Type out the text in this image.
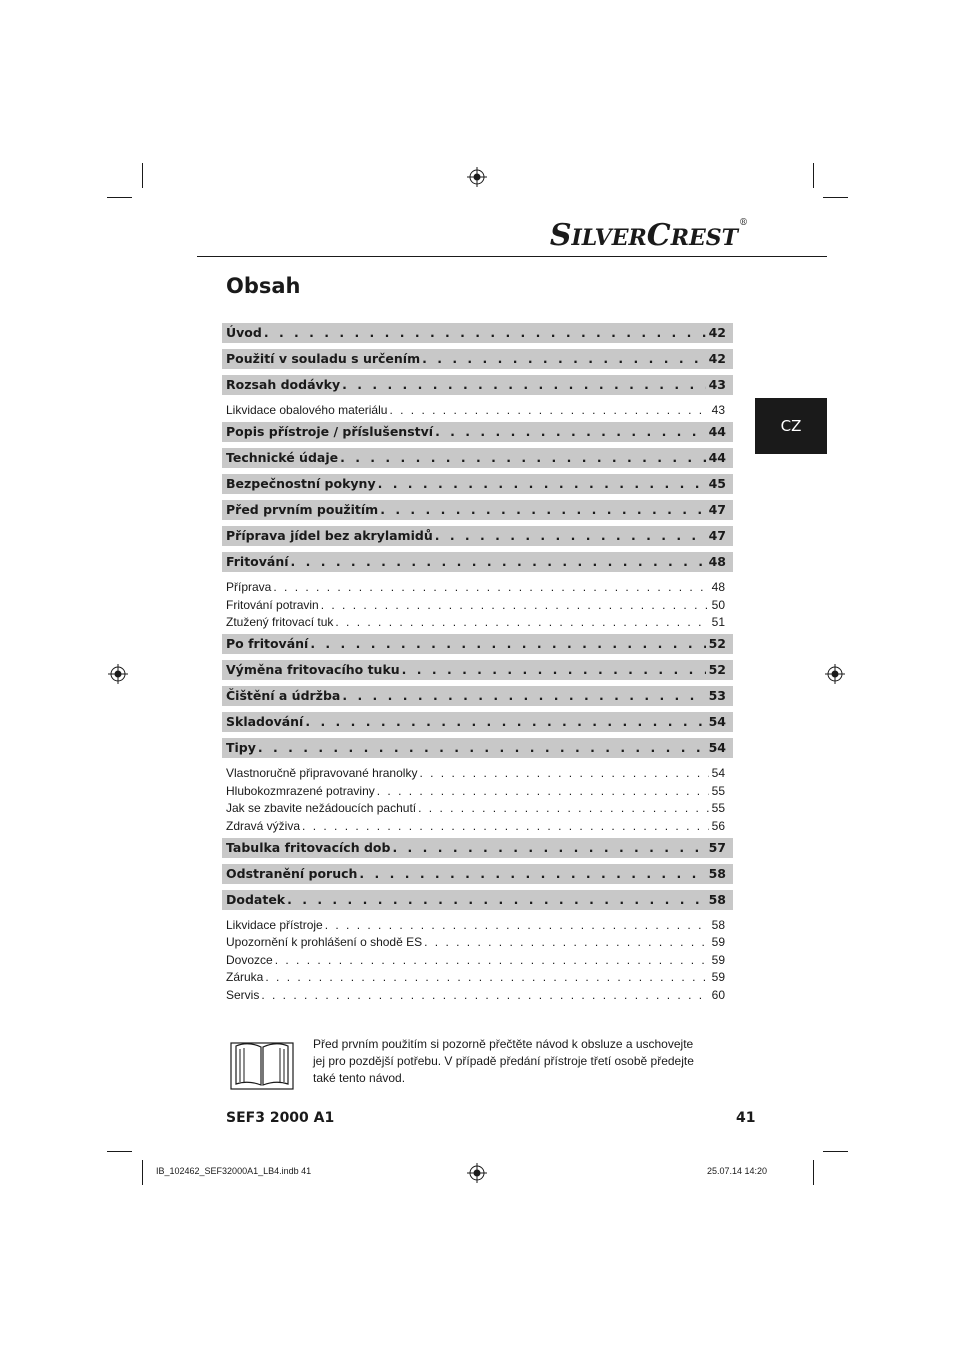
SILVERCREST®
Obsah
CZ
Úvod . . .	42
Použití v souladu s určením . . .	42
Rozsah dodávky . . .	43
Likvidace obalového materiálu . . .	43
Popis přístroje / příslušenství . . .	44
Technické údaje . . .	44
Bezpečnostní pokyny . . .	45
Před prvním použitím . . .	47
Příprava jídel bez akrylamidů . . .	47
Fritování . . .	48
Příprava . . .	48
Fritování potravin . . .	50
Ztužený fritovací tuk . . .	51
Po fritování . . .	52
Výměna fritovacího tuku . . .	52
Čištění a údržba . . .	53
Skladování . . .	54
Tipy . . .	54
Vlastnoručně připravované hranolky . . .	54
Hlubokozmrazené potraviny . . .	55
Jak se zbavite nežádoucích pachutí . . .	55
Zdravá výživa . . .	56
Tabulka fritovacích dob . . .	57
Odstranění poruch . . .	58
Dodatek . . .	58
Likvidace přístroje . . .	58
Upozornění k prohlášení o shodě ES . . .	59
Dovozce . . .	59
Záruka . . .	59
Servis . . .	60
Před prvním použitím si pozorně přečtěte návod k obsluze a uschovejte
jej pro pozdější potřebu. V případě předání přístroje třetí osobě předejte
také tento návod.
SEF3 2000 A1	41
IB_102462_SEF32000A1_LB4.indb 41	25.07.14 14:20
